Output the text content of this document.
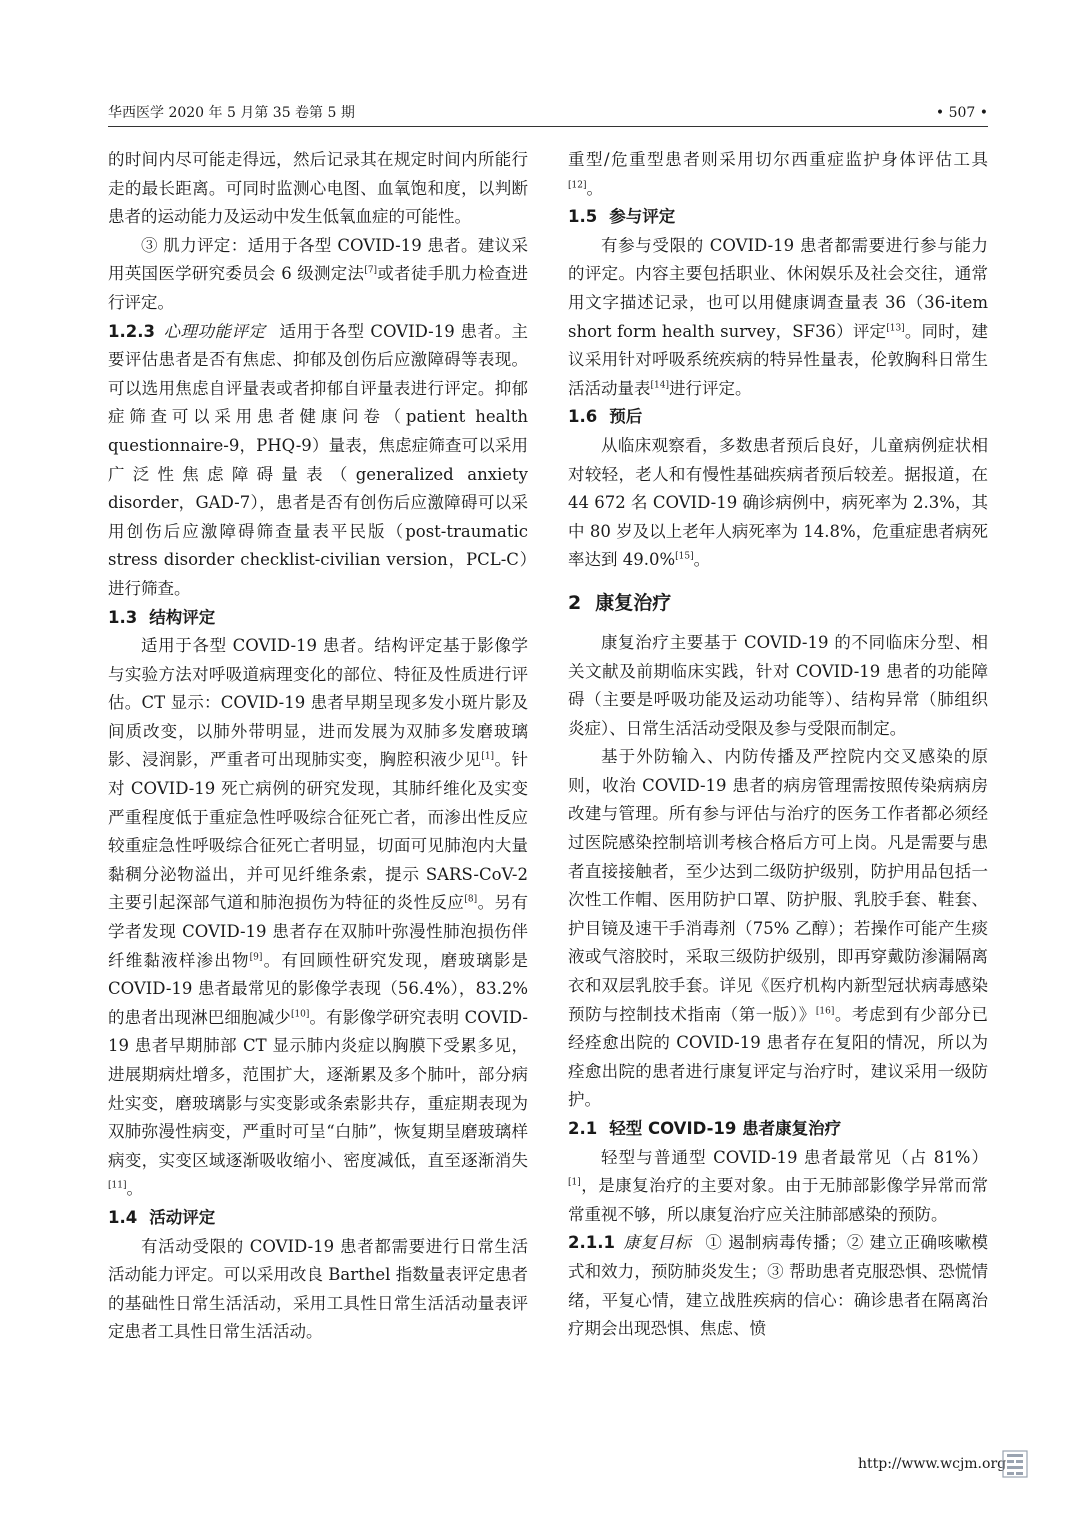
华西医学 2020 年 5 月第 35 卷第 5 期	• 507 •

的时间内尽可能走得远，然后记录其在规定时间内所能行走的最长距离。可同时监测心电图、血氧饱和度，以判断患者的运动能力及运动中发生低氧血症的可能性。

③ 肌力评定：适用于各型 COVID-19 患者。建议采用英国医学研究委员会 6 级测定法[7]或者徒手肌力检查进行评定。

1.2.3 心理功能评定 适用于各型 COVID-19 患者。主要评估患者是否有焦虑、抑郁及创伤后应激障碍等表现。可以选用焦虑自评量表或者抑郁自评量表进行评定。抑郁症筛查可以采用患者健康问卷（patient health questionnaire-9，PHQ-9）量表，焦虑症筛查可以采用广泛性焦虑障碍量表（generalized anxiety disorder，GAD-7），患者是否有创伤后应激障碍可以采用创伤后应激障碍筛查量表平民版（post-traumatic stress disorder checklist-civilian version，PCL-C）进行筛查。

1.3 结构评定

适用于各型 COVID-19 患者。结构评定基于影像学与实验方法对呼吸道病理变化的部位、特征及性质进行评估。CT 显示：COVID-19 患者早期呈现多发小斑片影及间质改变，以肺外带明显，进而发展为双肺多发磨玻璃影、浸润影，严重者可出现肺实变，胸腔积液少见[1]。针对 COVID-19 死亡病例的研究发现，其肺纤维化及实变严重程度低于重症急性呼吸综合征死亡者，而渗出性反应较重症急性呼吸综合征死亡者明显，切面可见肺泡内大量黏稠分泌物溢出，并可见纤维条索，提示 SARS-CoV-2 主要引起深部气道和肺泡损伤为特征的炎性反应[8]。另有学者发现 COVID-19 患者存在双肺叶弥漫性肺泡损伤伴纤维黏液样渗出物[9]。有回顾性研究发现，磨玻璃影是 COVID-19 患者最常见的影像学表现（56.4%），83.2% 的患者出现淋巴细胞减少[10]。有影像学研究表明 COVID-19 患者早期肺部 CT 显示肺内炎症以胸膜下受累多见，进展期病灶增多，范围扩大，逐渐累及多个肺叶，部分病灶实变，磨玻璃影与实变影或条索影共存，重症期表现为双肺弥漫性病变，严重时可呈“白肺”，恢复期呈磨玻璃样病变，实变区域逐渐吸收缩小、密度减低，直至逐渐消失[11]。

1.4 活动评定

有活动受限的 COVID-19 患者都需要进行日常生活活动能力评定。可以采用改良 Barthel 指数量表评定患者的基础性日常生活活动，采用工具性日常生活活动量表评定患者工具性日常生活活动。

重型/危重型患者则采用切尔西重症监护身体评估工具[12]。

1.5 参与评定

有参与受限的 COVID-19 患者都需要进行参与能力的评定。内容主要包括职业、休闲娱乐及社会交往，通常用文字描述记录，也可以用健康调查量表 36（36-item short form health survey，SF36）评定[13]。同时，建议采用针对呼吸系统疾病的特异性量表，伦敦胸科日常生活活动量表[14]进行评定。

1.6 预后

从临床观察看，多数患者预后良好，儿童病例症状相对较轻，老人和有慢性基础疾病者预后较差。据报道，在 44 672 名 COVID-19 确诊病例中，病死率为 2.3%，其中 80 岁及以上老年人病死率为 14.8%，危重症患者病死率达到 49.0%[15]。

2 康复治疗

康复治疗主要基于 COVID-19 的不同临床分型、相关文献及前期临床实践，针对 COVID-19 患者的功能障碍（主要是呼吸功能及运动功能等）、结构异常（肺组织炎症）、日常生活活动受限及参与受限而制定。

基于外防输入、内防传播及严控院内交叉感染的原则，收治 COVID-19 患者的病房管理需按照传染病病房改建与管理。所有参与评估与治疗的医务工作者都必须经过医院感染控制培训考核合格后方可上岗。凡是需要与患者直接接触者，至少达到二级防护级别，防护用品包括一次性工作帽、医用防护口罩、防护服、乳胶手套、鞋套、护目镜及速干手消毒剂（75% 乙醇）；若操作可能产生痰液或气溶胶时，采取三级防护级别，即再穿戴防渗漏隔离衣和双层乳胶手套。详见《医疗机构内新型冠状病毒感染预防与控制技术指南（第一版）》[16]。考虑到有少部分已经痊愈出院的 COVID-19 患者存在复阳的情况，所以为痊愈出院的患者进行康复评定与治疗时，建议采用一级防护。

2.1 轻型 COVID-19 患者康复治疗

轻型与普通型 COVID-19 患者最常见（占 81%）[1]，是康复治疗的主要对象。由于无肺部影像学异常而常常重视不够，所以康复治疗应关注肺部感染的预防。

2.1.1 康复目标 ① 遏制病毒传播；② 建立正确咳嗽模式和效力，预防肺炎发生；③ 帮助患者克服恐惧、恐慌情绪，平复心情，建立战胜疾病的信心：确诊患者在隔离治疗期会出现恐惧、焦虑、愤

http://www.wcjm.org
